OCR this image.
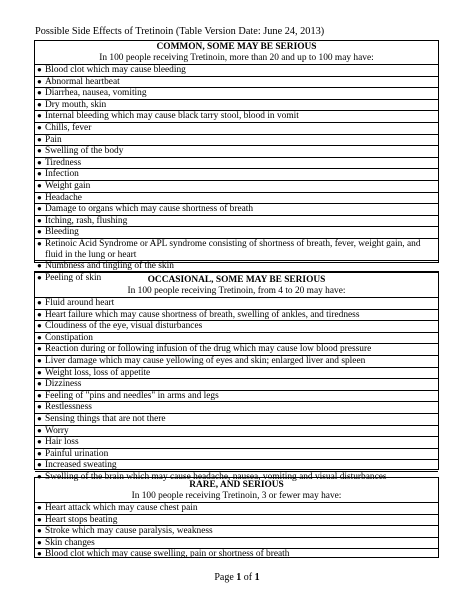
Possible Side Effects of Tretinoin (Table Version Date: June 24, 2013)
COMMON, SOME MAY BE SERIOUS
In 100 people receiving Tretinoin, more than 20 and up to 100 may have:
● Blood clot which may cause bleeding
● Abnormal heartbeat
● Diarrhea, nausea, vomiting
● Dry mouth, skin
● Internal bleeding which may cause black tarry stool, blood in vomit
● Chills, fever
● Pain
● Swelling of the body
● Tiredness
● Infection
● Weight gain
● Headache
● Damage to organs which may cause shortness of breath
● Itching, rash, flushing
● Bleeding
● Retinoic Acid Syndrome or APL syndrome consisting of shortness of breath, fever, weight gain, and fluid in the lung or heart
● Numbness and tingling of the skin
● Peeling of skin	OCCASIONAL, SOME MAY BE SERIOUS
In 100 people receiving Tretinoin, from 4 to 20 may have:
● Fluid around heart
● Heart failure which may cause shortness of breath, swelling of ankles, and tiredness
● Cloudiness of the eye, visual disturbances
● Constipation
● Reaction during or following infusion of the drug which may cause low blood pressure
● Liver damage which may cause yellowing of eyes and skin; enlarged liver and spleen
● Weight loss, loss of appetite
● Dizziness
● Feeling of "pins and needles" in arms and legs
● Restlessness
● Sensing things that are not there
● Worry
● Hair loss
● Painful urination
● Increased sweating
● Swelling of the brain which may cause headache, nausea, vomiting and visual disturbances
RARE, AND SERIOUS
In 100 people receiving Tretinoin, 3 or fewer may have:
● Heart attack which may cause chest pain
● Heart stops beating
● Stroke which may cause paralysis, weakness
● Skin changes
● Blood clot which may cause swelling, pain or shortness of breath
Page 1 of 1
